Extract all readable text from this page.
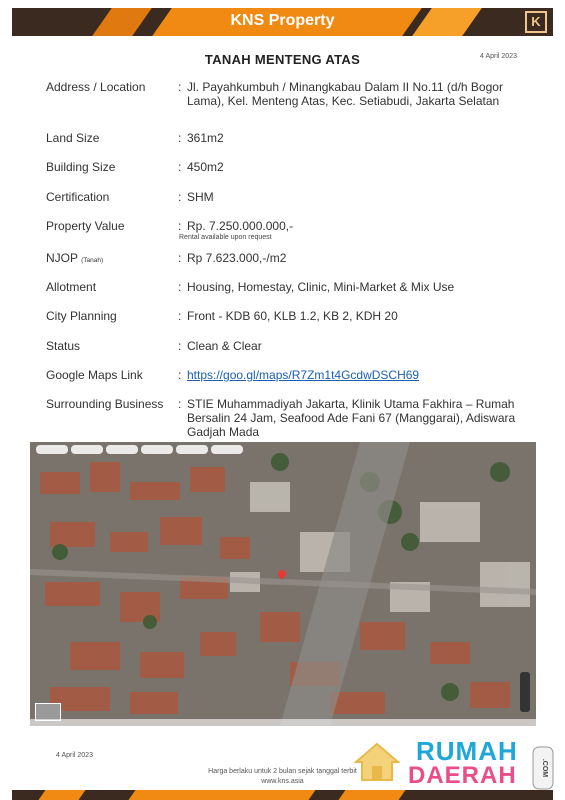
KNS Property	K
TANAH MENTENG ATAS	4 April 2023
Address / Location	: Jl. Payahkumbuh / Minangkabau Dalam II No.11 (d/h Bogor Lama), Kel. Menteng Atas, Kec. Setiabudi, Jakarta Selatan
Land Size	: 361m2
Building Size	: 450m2
Certification	: SHM
Property Value	: Rp. 7.250.000.000,-
Rental available upon request
NJOP (Tanah)	: Rp 7.623.000,-/m2
Allotment	: Housing, Homestay, Clinic, Mini-Market & Mix Use
City Planning	: Front - KDB 60, KLB 1.2, KB 2, KDH 20
Status	: Clean & Clear
Google Maps Link	: https://goo.gl/maps/R7Zm1t4GcdwDSCH69
Surrounding Business	: STIE Muhammadiyah Jakarta, Klinik Utama Fakhira – Rumah Bersalin 24 Jam, Seafood Ade Fani 67 (Manggarai), Adiswara Gadjah Mada
4 April 2023
Harga berlaku untuk 2 bulan sejak tanggal terbit
www.kns.asia
RUMAH
DAERAH	.COM
